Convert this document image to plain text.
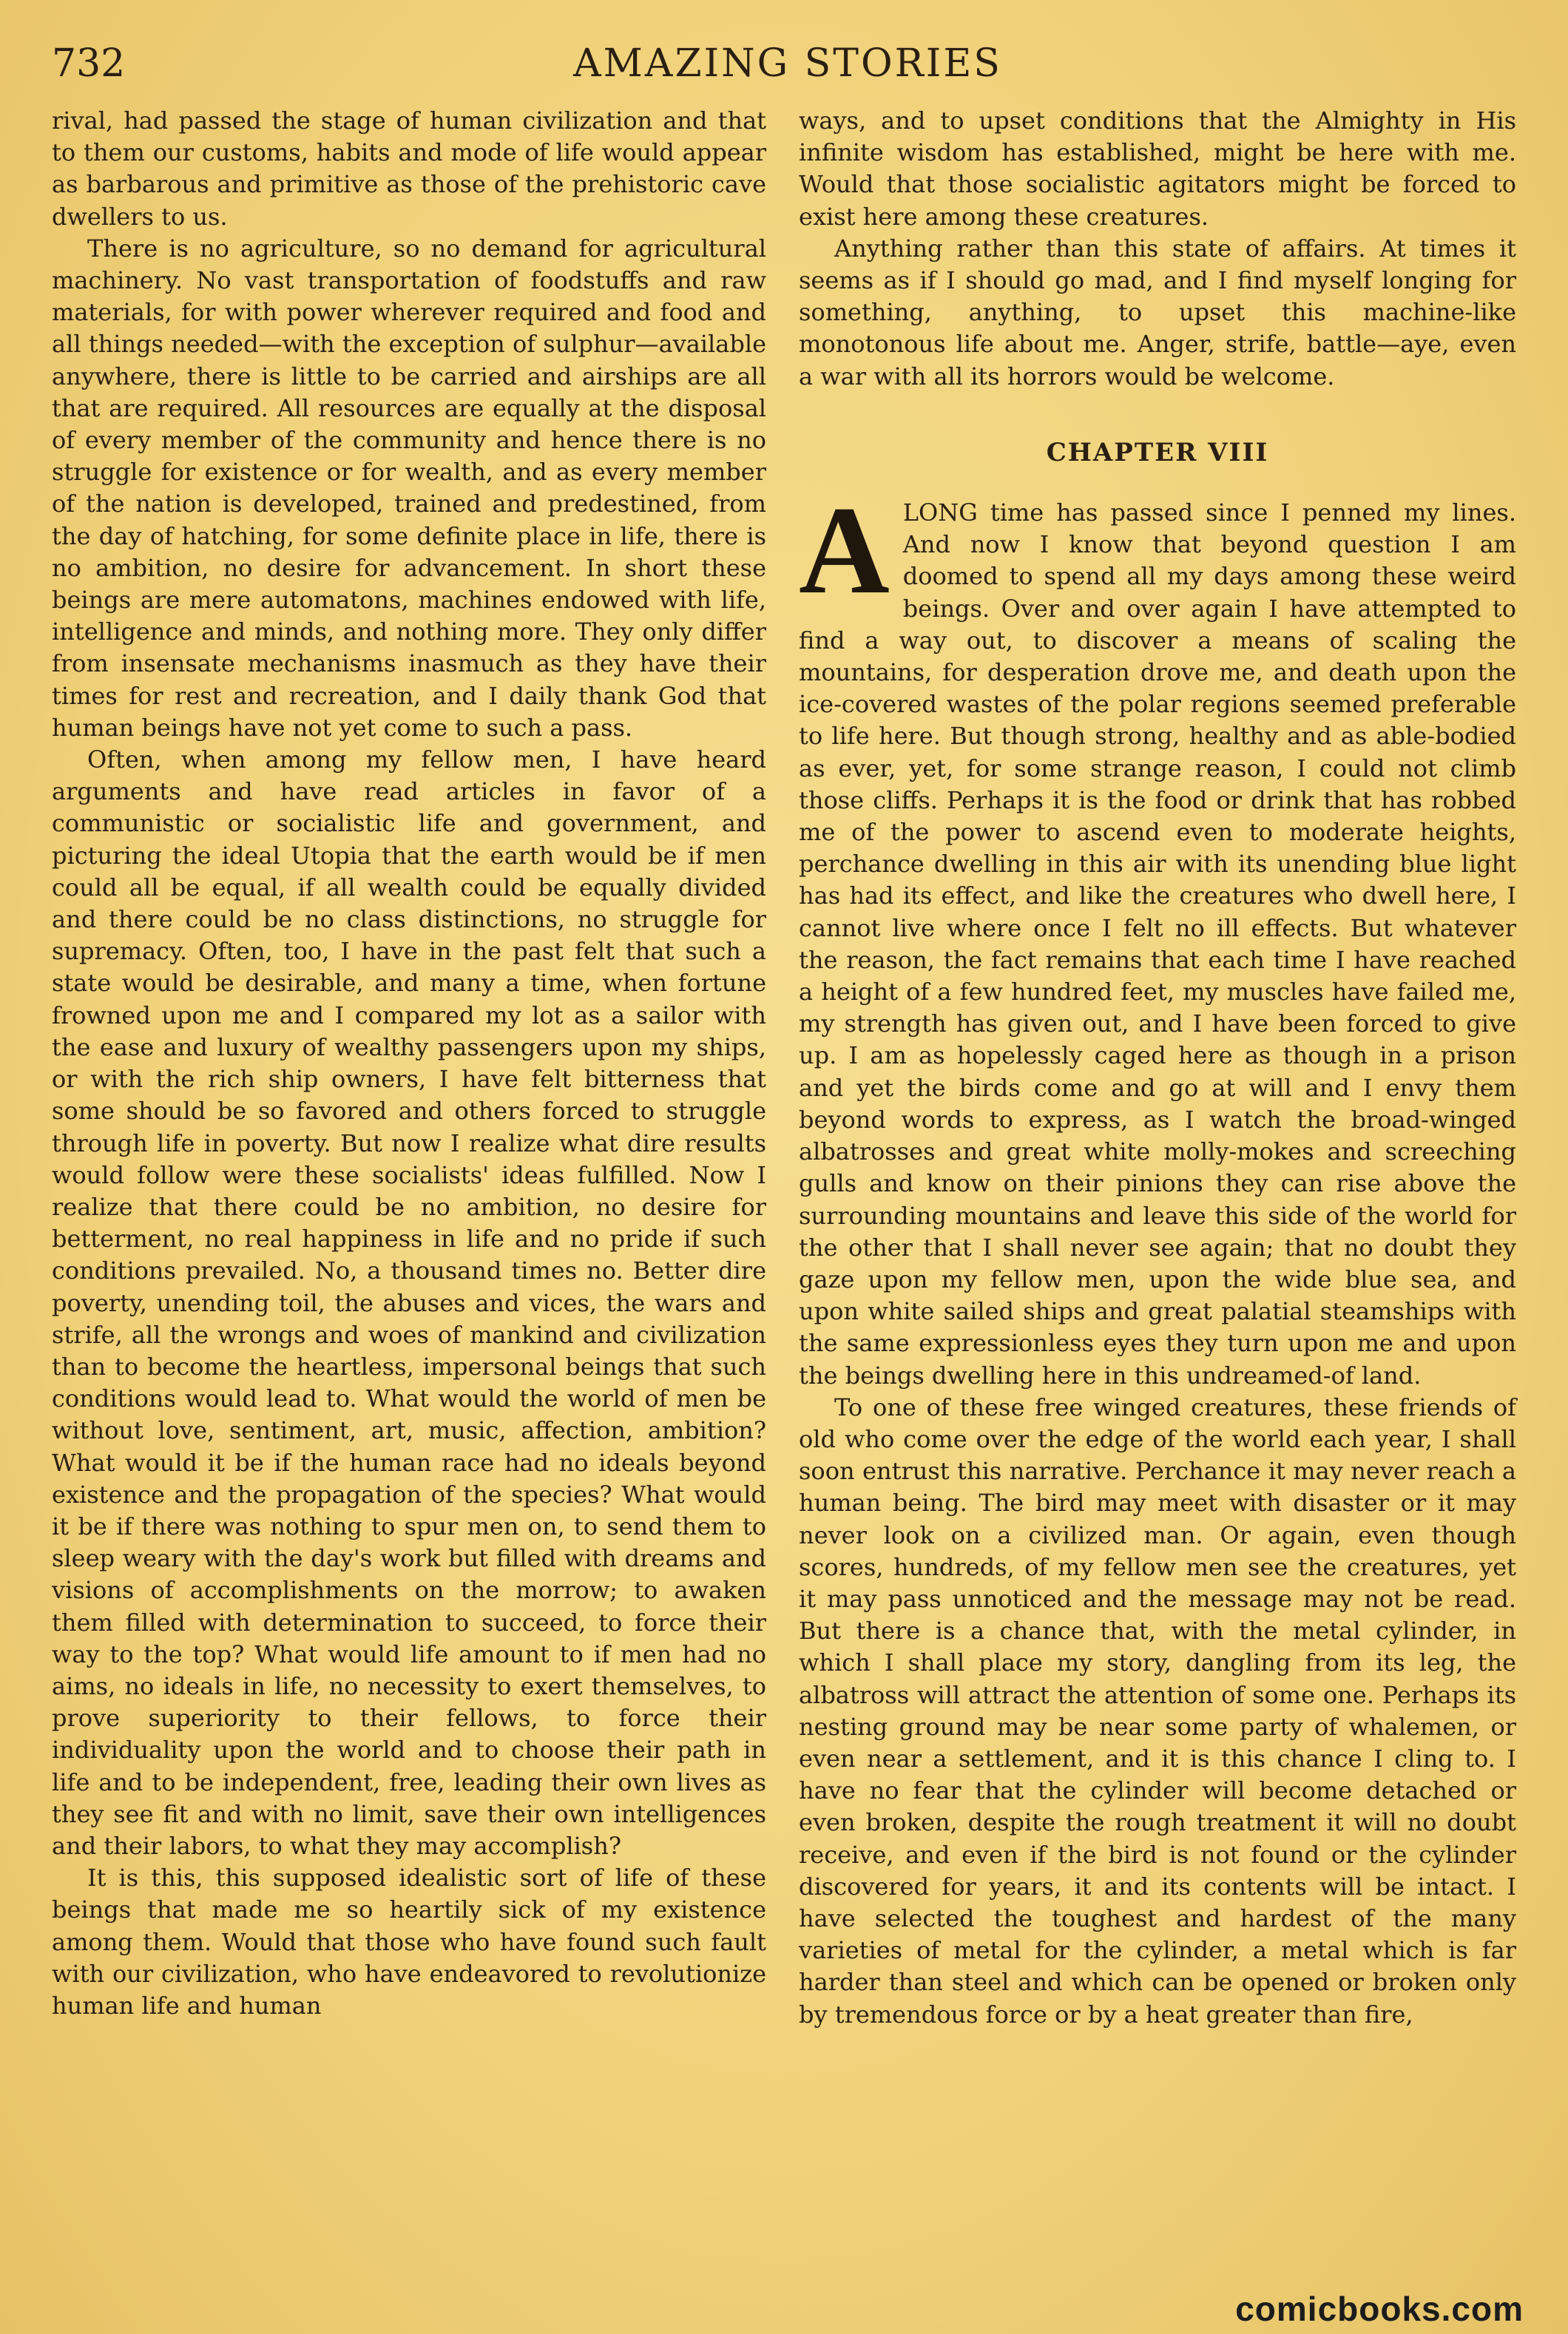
732	AMAZING STORIES

rival, had passed the stage of human civilization and that to them our customs, habits and mode of life would appear as barbarous and primitive as those of the prehistoric cave dwellers to us.

There is no agriculture, so no demand for agricultural machinery. No vast transportation of foodstuffs and raw materials, for with power wherever required and food and all things needed—with the exception of sulphur—available anywhere, there is little to be carried and airships are all that are required. All resources are equally at the disposal of every member of the community and hence there is no struggle for existence or for wealth, and as every member of the nation is developed, trained and predestined, from the day of hatching, for some definite place in life, there is no ambition, no desire for advancement. In short these beings are mere automatons, machines endowed with life, intelligence and minds, and nothing more. They only differ from insensate mechanisms inasmuch as they have their times for rest and recreation, and I daily thank God that human beings have not yet come to such a pass.

Often, when among my fellow men, I have heard arguments and have read articles in favor of a communistic or socialistic life and government, and picturing the ideal Utopia that the earth would be if men could all be equal, if all wealth could be equally divided and there could be no class distinctions, no struggle for supremacy. Often, too, I have in the past felt that such a state would be desirable, and many a time, when fortune frowned upon me and I compared my lot as a sailor with the ease and luxury of wealthy passengers upon my ships, or with the rich ship owners, I have felt bitterness that some should be so favored and others forced to struggle through life in poverty. But now I realize what dire results would follow were these socialists' ideas fulfilled. Now I realize that there could be no ambition, no desire for betterment, no real happiness in life and no pride if such conditions prevailed. No, a thousand times no. Better dire poverty, unending toil, the abuses and vices, the wars and strife, all the wrongs and woes of mankind and civilization than to become the heartless, impersonal beings that such conditions would lead to. What would the world of men be without love, sentiment, art, music, affection, ambition? What would it be if the human race had no ideals beyond existence and the propagation of the species? What would it be if there was nothing to spur men on, to send them to sleep weary with the day's work but filled with dreams and visions of accomplishments on the morrow; to awaken them filled with determination to succeed, to force their way to the top? What would life amount to if men had no aims, no ideals in life, no necessity to exert themselves, to prove superiority to their fellows, to force their individuality upon the world and to choose their path in life and to be independent, free, leading their own lives as they see fit and with no limit, save their own intelligences and their labors, to what they may accomplish?

It is this, this supposed idealistic sort of life of these beings that made me so heartily sick of my existence among them. Would that those who have found such fault with our civilization, who have endeavored to revolutionize human life and human

ways, and to upset conditions that the Almighty in His infinite wisdom has established, might be here with me. Would that those socialistic agitators might be forced to exist here among these creatures.

Anything rather than this state of affairs. At times it seems as if I should go mad, and I find myself longing for something, anything, to upset this machine-like monotonous life about me. Anger, strife, battle—aye, even a war with all its horrors would be welcome.

CHAPTER VIII

ALONG time has passed since I penned my lines. And now I know that beyond question I am doomed to spend all my days among these weird beings. Over and over again I have attempted to find a way out, to discover a means of scaling the mountains, for desperation drove me, and death upon the ice-covered wastes of the polar regions seemed preferable to life here. But though strong, healthy and as able-bodied as ever, yet, for some strange reason, I could not climb those cliffs. Perhaps it is the food or drink that has robbed me of the power to ascend even to moderate heights, perchance dwelling in this air with its unending blue light has had its effect, and like the creatures who dwell here, I cannot live where once I felt no ill effects. But whatever the reason, the fact remains that each time I have reached a height of a few hundred feet, my muscles have failed me, my strength has given out, and I have been forced to give up. I am as hopelessly caged here as though in a prison and yet the birds come and go at will and I envy them beyond words to express, as I watch the broad-winged albatrosses and great white molly-mokes and screeching gulls and know on their pinions they can rise above the surrounding mountains and leave this side of the world for the other that I shall never see again; that no doubt they gaze upon my fellow men, upon the wide blue sea, and upon white sailed ships and great palatial steamships with the same expressionless eyes they turn upon me and upon the beings dwelling here in this undreamed-of land.

To one of these free winged creatures, these friends of old who come over the edge of the world each year, I shall soon entrust this narrative. Perchance it may never reach a human being. The bird may meet with disaster or it may never look on a civilized man. Or again, even though scores, hundreds, of my fellow men see the creatures, yet it may pass unnoticed and the message may not be read. But there is a chance that, with the metal cylinder, in which I shall place my story, dangling from its leg, the albatross will attract the attention of some one. Perhaps its nesting ground may be near some party of whalemen, or even near a settlement, and it is this chance I cling to. I have no fear that the cylinder will become detached or even broken, despite the rough treatment it will no doubt receive, and even if the bird is not found or the cylinder discovered for years, it and its contents will be intact. I have selected the toughest and hardest of the many varieties of metal for the cylinder, a metal which is far harder than steel and which can be opened or broken only by tremendous force or by a heat greater than fire,

comicbooks.com
